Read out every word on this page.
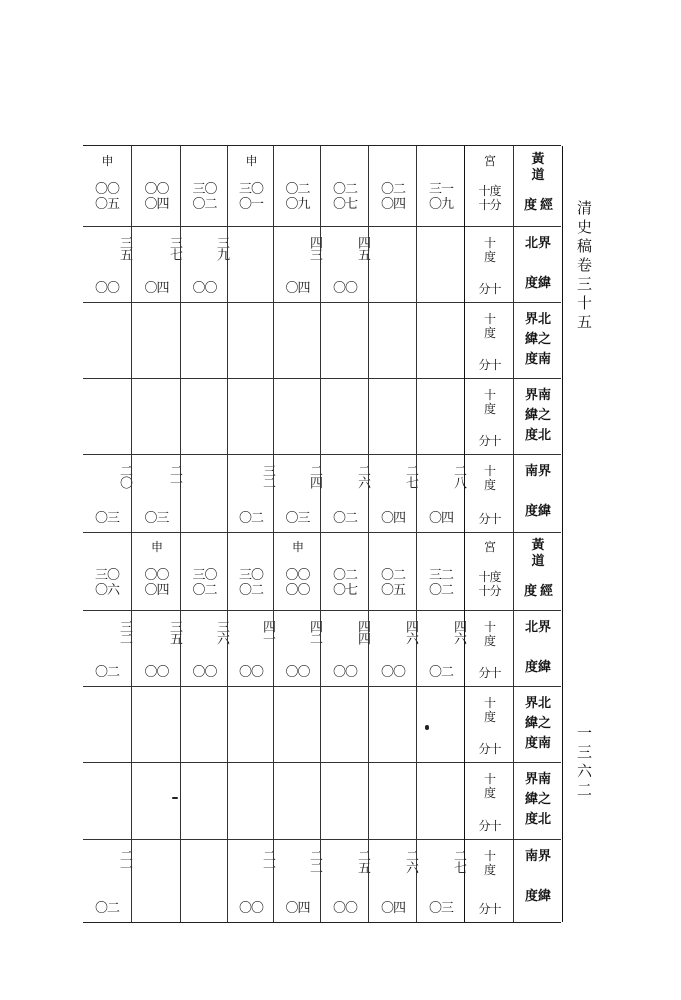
申
〇〇〇五
〇〇〇四
三〇〇二
申
三〇〇一
〇二〇九
〇二〇七
〇二〇四
三一〇九
宮
十度
十分
黃
道
經
度
三五
〇〇
三七
〇四
三九
〇〇
四三
〇四
四五
〇〇
十
度
分十
北界
度緯
十
度
分十
界北
緯之
度南
十
度
分十
界南
緯之
度北
二〇
〇三
二一
〇三
三二
〇二
二四
〇三
二六
〇二
二七
〇四
二八
〇四
十
度
分十
南界
度緯
三〇〇六
申
〇〇〇四
三〇〇二
三〇〇二
申
〇〇〇〇
〇二〇七
〇二〇五
三二〇二
宮
十度
十分
黃
道
經
度
三二
〇二
三五
〇〇
三六
〇〇
四一
〇〇
四二
〇〇
四四
〇〇
四六
〇〇
四六
〇二
十
度
分十
北界
度緯
十
度
分十
界北
緯之
度南
十
度
分十
界南
緯之
度北
二一
〇二
二一
〇〇
二二
〇四
二五
〇〇
二六
〇四
二七
〇三
十
度
分十
南界
度緯
清史稿卷三十五
一三六二
